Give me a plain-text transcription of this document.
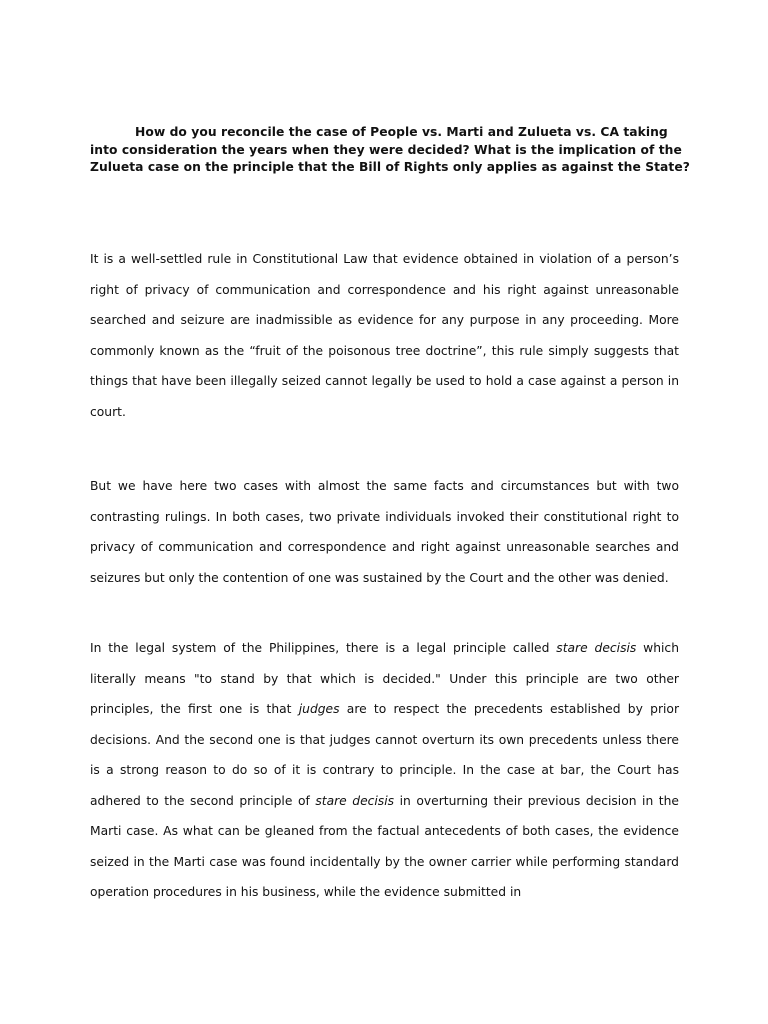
How do you reconcile the case of People vs. Marti and Zulueta vs. CA taking into consideration the years when they were decided? What is the implication of the Zulueta case on the principle that the Bill of Rights only applies as against the State?

It is a well-settled rule in Constitutional Law that evidence obtained in violation of a person’s right of privacy of communication and correspondence and his right against unreasonable searched and seizure are inadmissible as evidence for any purpose in any proceeding. More commonly known as the “fruit of the poisonous tree doctrine”, this rule simply suggests that things that have been illegally seized cannot legally be used to hold a case against a person in court.

But we have here two cases with almost the same facts and circumstances but with two contrasting rulings. In both cases, two private individuals invoked their constitutional right to privacy of communication and correspondence and right against unreasonable searches and seizures but only the contention of one was sustained by the Court and the other was denied.

In the legal system of the Philippines, there is a legal principle called stare decisis which literally means "to stand by that which is decided." Under this principle are two other principles, the first one is that judges are to respect the precedents established by prior decisions. And the second one is that judges cannot overturn its own precedents unless there is a strong reason to do so of it is contrary to principle. In the case at bar, the Court has adhered to the second principle of stare decisis in overturning their previous decision in the Marti case. As what can be gleaned from the factual antecedents of both cases, the evidence seized in the Marti case was found incidentally by the owner carrier while performing standard operation procedures in his business, while the evidence submitted in
